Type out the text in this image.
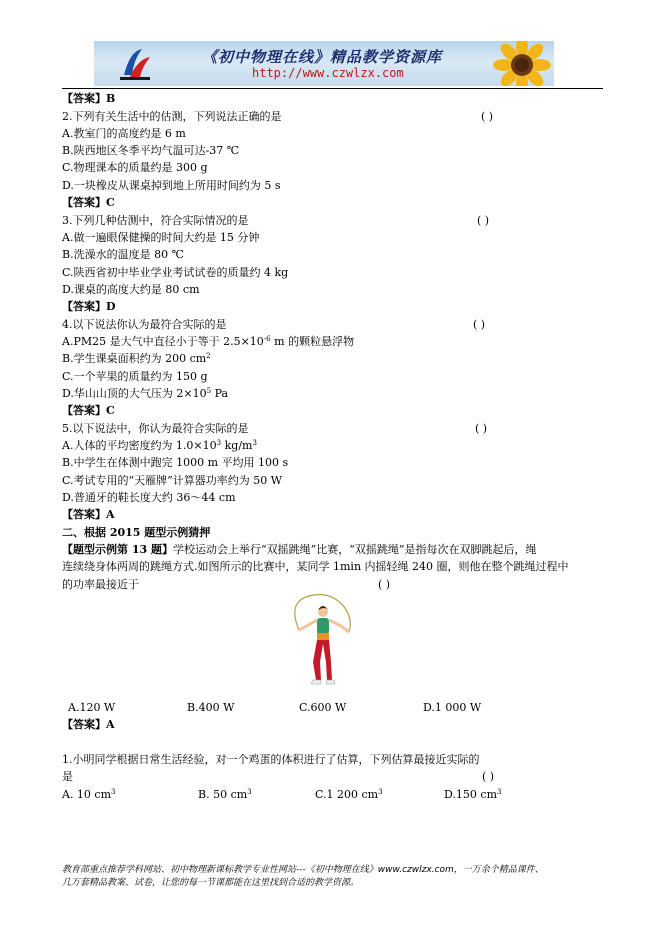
《初中物理在线》精品教学资源库
http://www.czwlzx.com
【答案】B
2.下列有关生活中的估测，下列说法正确的是	( )
A.教室门的高度约是 6 m
B.陕西地区冬季平均气温可达-37 ℃
C.物理课本的质量约是 300 g
D.一块橡皮从课桌掉到地上所用时间约为 5 s
【答案】C
3.下列几种估测中，符合实际情况的是	( )
A.做一遍眼保健操的时间大约是 15 分钟
B.洗澡水的温度是 80 ℃
C.陕西省初中毕业学业考试试卷的质量约 4 kg
D.课桌的高度大约是 80 cm
【答案】D
4.以下说法你认为最符合实际的是	( )
A.PM25 是大气中直径小于等于 $2.5\times 10^{-6}$ m 的颗粒悬浮物
B.学生课桌面积约为 200 $cm^2$
C.一个苹果的质量约为 150 g
D.华山山顶的大气压为 $2\times 10^5$ Pa
【答案】C
5.以下说法中，你认为最符合实际的是	( )
A.人体的平均密度约为 $1.0\times 10^3$ $kg/m^3$
B.中学生在体测中跑完 1000 m 平均用 100 s
C.考试专用的“天雁牌”计算器功率约为 50 W
D.普通牙的鞋长度大约 36～44 cm
【答案】A
二、根据 2015 题型示例猜押
【题型示例第 13 题】学校运动会上举行“双摇跳绳”比赛，“双摇跳绳”是指每次在双脚跳起后，绳
连续绕身体两周的跳绳方式.如图所示的比赛中，某同学 1min 内摇轻绳 240 圈，则他在整个跳绳过程中
的功率最接近于	( )
A.120 W	B.400 W	C.600 W	D.1 000 W
【答案】A
1.小明同学根据日常生活经验，对一个鸡蛋的体积进行了估算，下列估算最接近实际的
是	( )
A. 10 $cm^3$	B. 50 $cm^3$	C.1 200 $cm^3$	D.150 $cm^3$
教育部重点推荐学科网站、初中物理新课标教学专业性网站---《初中物理在线》www.czwlzx.com，一万余个精品课件、
几万套精品教案、试卷，让您的每一节课都能在这里找到合适的教学资源。
